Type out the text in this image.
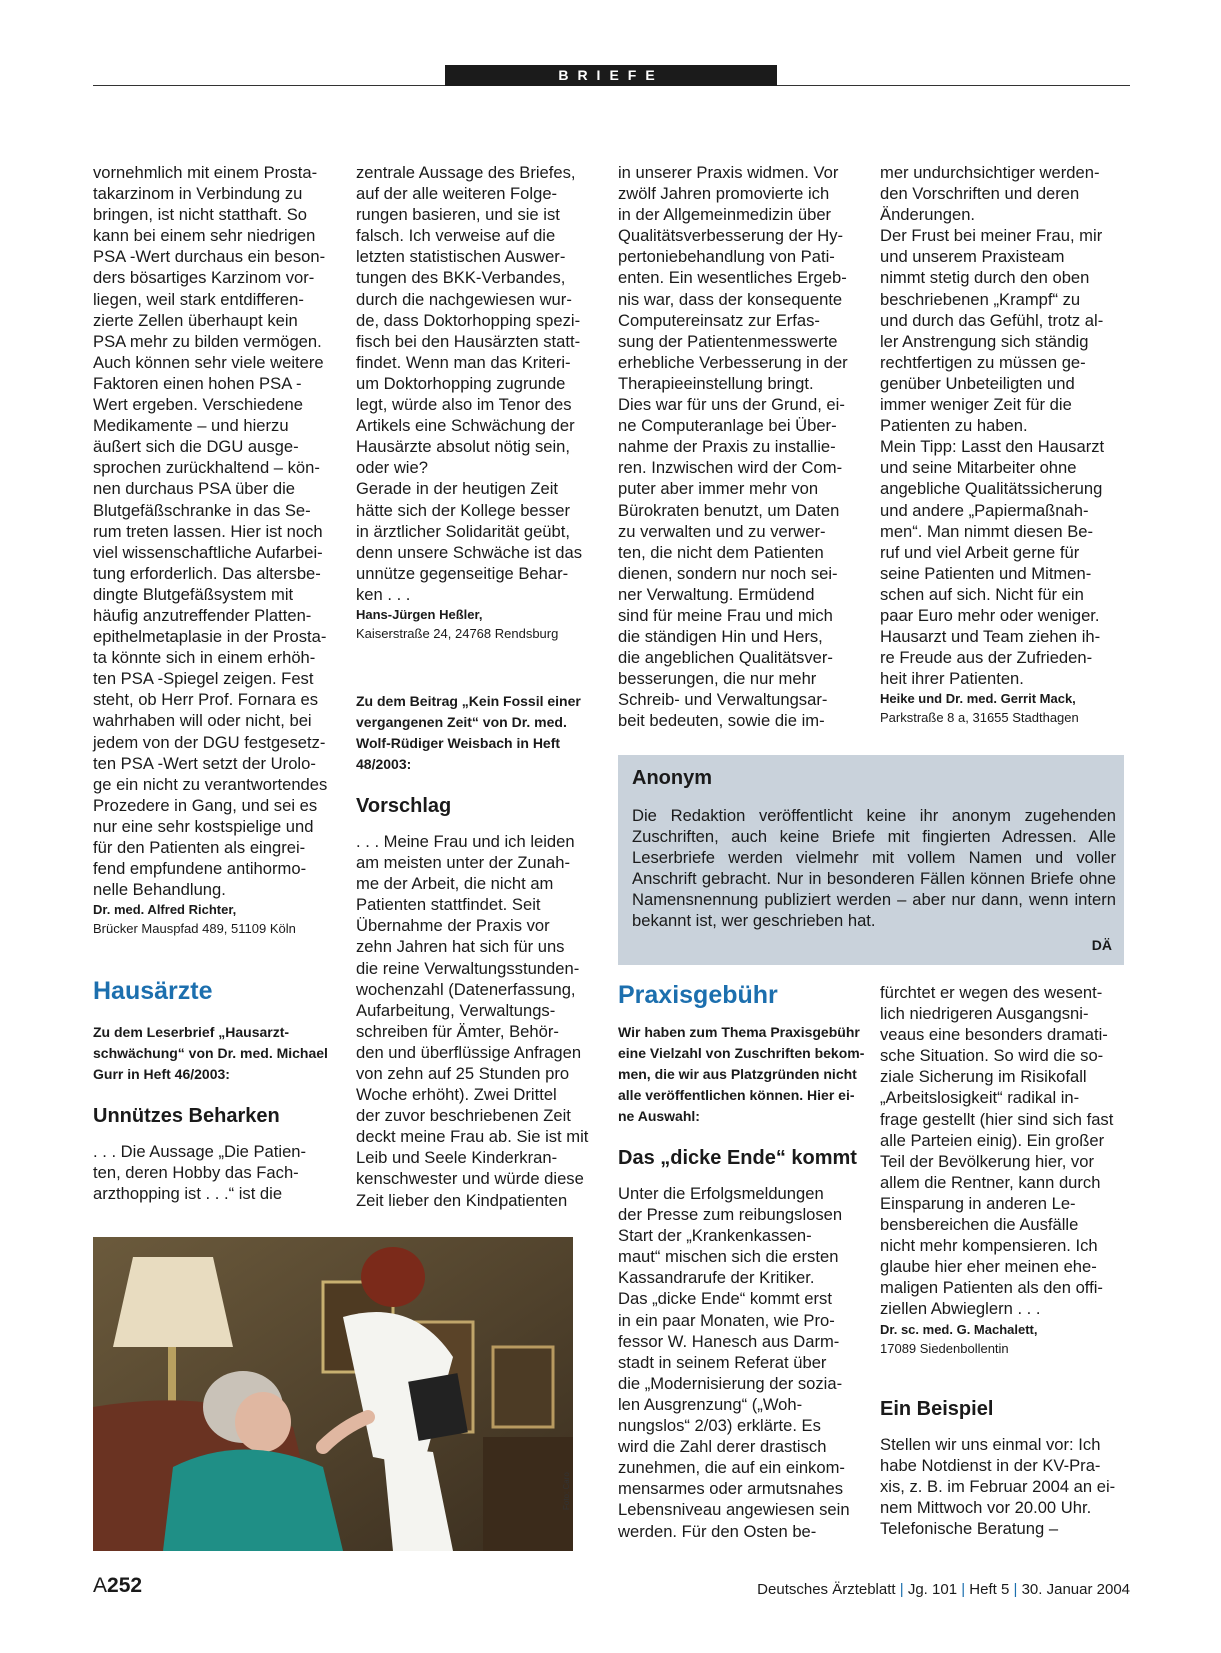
BRIEFE

vornehmlich mit einem Prosta-

takarzinom in Verbindung zu

bringen, ist nicht statthaft. So

kann bei einem sehr niedrigen

PSA -Wert durchaus ein beson-

ders bösartiges Karzinom vor-

liegen, weil stark entdifferen-

zierte Zellen überhaupt kein

PSA mehr zu bilden vermögen.

Auch können sehr viele weitere

Faktoren einen hohen PSA -

Wert ergeben. Verschiedene

Medikamente – und hierzu

äußert sich die DGU ausge-

sprochen zurückhaltend – kön-

nen durchaus PSA über die

Blutgefäßschranke in das Se-

rum treten lassen. Hier ist noch

viel wissenschaftliche Aufarbei-

tung erforderlich. Das altersbe-

dingte Blutgefäßsystem mit

häufig anzutreffender Platten-

epithelmetaplasie in der Prosta-

ta könnte sich in einem erhöh-

ten PSA -Spiegel zeigen. Fest

steht, ob Herr Prof. Fornara es

wahrhaben will oder nicht, bei

jedem von der DGU festgesetz-

ten PSA -Wert setzt der Urolo-

ge ein nicht zu verantwortendes

Prozedere in Gang, und sei es

nur eine sehr kostspielige und

für den Patienten als eingrei-

fend empfundene antihormo-

nelle Behandlung.

Dr. med. Alfred Richter,
Brücker Mauspfad 489, 51109 Köln
Hausärzte

Zu dem Leserbrief „Hausarzt-

schwächung“ von Dr. med. Michael

Gurr in Heft 46/2003:

Unnützes Beharken

. . . Die Aussage „Die Patien-

ten, deren Hobby das Fach-

arzthopping ist . . .“ ist die

zentrale Aussage des Briefes,

auf der alle weiteren Folge-

rungen basieren, und sie ist

falsch. Ich verweise auf die

letzten statistischen Auswer-

tungen des BKK-Verbandes,

durch die nachgewiesen wur-

de, dass Doktorhopping spezi-

fisch bei den Hausärzten statt-

findet. Wenn man das Kriteri-

um Doktorhopping zugrunde

legt, würde also im Tenor des

Artikels eine Schwächung der

Hausärzte absolut nötig sein,

oder wie?

Gerade in der heutigen Zeit

hätte sich der Kollege besser

in ärztlicher Solidarität geübt,

denn unsere Schwäche ist das

unnütze gegenseitige Behar-

ken . . .

Hans-Jürgen Heßler,
Kaiserstraße 24, 24768 Rendsburg

Zu dem Beitrag „Kein Fossil einer

vergangenen Zeit“ von Dr. med.

Wolf-Rüdiger Weisbach in Heft

48/2003:

Vorschlag

. . . Meine Frau und ich leiden

am meisten unter der Zunah-

me der Arbeit, die nicht am

Patienten stattfindet. Seit

Übernahme der Praxis vor

zehn Jahren hat sich für uns

die reine Verwaltungsstunden-

wochenzahl (Datenerfassung,

Aufarbeitung, Verwaltungs-

schreiben für Ämter, Behör-

den und überflüssige Anfragen

von zehn auf 25 Stunden pro

Woche erhöht). Zwei Drittel

der zuvor beschriebenen Zeit

deckt meine Frau ab. Sie ist mit

Leib und Seele Kinderkran-

kenschwester und würde diese

Zeit lieber den Kindpatienten

in unserer Praxis widmen. Vor

zwölf Jahren promovierte ich

in der Allgemeinmedizin über

Qualitätsverbesserung der Hy-

pertoniebehandlung von Pati-

enten. Ein wesentliches Ergeb-

nis war, dass der konsequente

Computereinsatz zur Erfas-

sung der Patientenmesswerte

erhebliche Verbesserung in der

Therapieeinstellung bringt.

Dies war für uns der Grund, ei-

ne Computeranlage bei Über-

nahme der Praxis zu installie-

ren. Inzwischen wird der Com-

puter aber immer mehr von

Bürokraten benutzt, um Daten

zu verwalten und zu verwer-

ten, die nicht dem Patienten

dienen, sondern nur noch sei-

ner Verwaltung. Ermüdend

sind für meine Frau und mich

die ständigen Hin und Hers,

die angeblichen Qualitätsver-

besserungen, die nur mehr

Schreib- und Verwaltungsar-

beit bedeuten, sowie die im-

mer undurchsichtiger werden-

den Vorschriften und deren

Änderungen.

Der Frust bei meiner Frau, mir

und unserem Praxisteam

nimmt stetig durch den oben

beschriebenen „Krampf“ zu

und durch das Gefühl, trotz al-

ler Anstrengung sich ständig

rechtfertigen zu müssen ge-

genüber Unbeteiligten und

immer weniger Zeit für die

Patienten zu haben.

Mein Tipp: Lasst den Hausarzt

und seine Mitarbeiter ohne

angebliche Qualitätssicherung

und andere „Papiermaßnah-

men“. Man nimmt diesen Be-

ruf und viel Arbeit gerne für

seine Patienten und Mitmen-

schen auf sich. Nicht für ein

paar Euro mehr oder weniger.

Hausarzt und Team ziehen ih-

re Freude aus der Zufrieden-

heit ihrer Patienten.

Heike und Dr. med. Gerrit Mack,
Parkstraße 8 a, 31655 Stadthagen
Anonym
Die Redaktion veröffentlicht keine ihr anonym zugehenden Zuschriften, auch keine Briefe mit fingierten Adressen. Alle Leserbriefe werden vielmehr mit vollem Namen und voller Anschrift gebracht. Nur in besonderen Fällen können Briefe ohne Namensnennung publiziert werden – aber nur dann, wenn intern bekannt ist, wer geschrieben hat.
DÄ
Praxisgebühr

Wir haben zum Thema Praxisgebühr

eine Vielzahl von Zuschriften bekom-

men, die wir aus Platzgründen nicht

alle veröffentlichen können. Hier ei-

ne Auswahl:

Das „dicke Ende“ kommt

Unter die Erfolgsmeldungen

der Presse zum reibungslosen

Start der „Krankenkassen-

maut“ mischen sich die ersten

Kassandrarufe der Kritiker.

Das „dicke Ende“ kommt erst

in ein paar Monaten, wie Pro-

fessor W. Hanesch aus Darm-

stadt in seinem Referat über

die „Modernisierung der sozia-

len Ausgrenzung“ („Woh-

nungslos“ 2/03) erklärte. Es

wird die Zahl derer drastisch

zunehmen, die auf ein einkom-

mensarmes oder armutsnahes

Lebensniveau angewiesen sein

werden. Für den Osten be-

fürchtet er wegen des wesent-

lich niedrigeren Ausgangsni-

veaus eine besonders dramati-

sche Situation. So wird die so-

ziale Sicherung im Risikofall

„Arbeitslosigkeit“ radikal in-

frage gestellt (hier sind sich fast

alle Parteien einig). Ein großer

Teil der Bevölkerung hier, vor

allem die Rentner, kann durch

Einsparung in anderen Le-

bensbereichen die Ausfälle

nicht mehr kompensieren. Ich

glaube hier eher meinen ehe-

maligen Patienten als den offi-

ziellen Abwieglern . . .

Dr. sc. med. G. Machalett,
17089 Siedenbollentin
Ein Beispiel

Stellen wir uns einmal vor: Ich

habe Notdienst in der KV-Pra-

xis, z. B. im Februar 2004 an ei-

nem Mittwoch vor 20.00 Uhr.

Telefonische Beratung –

Foto: Caro
A252	Deutsches Ärzteblatt | Jg. 101 | Heft 5 | 30. Januar 2004
